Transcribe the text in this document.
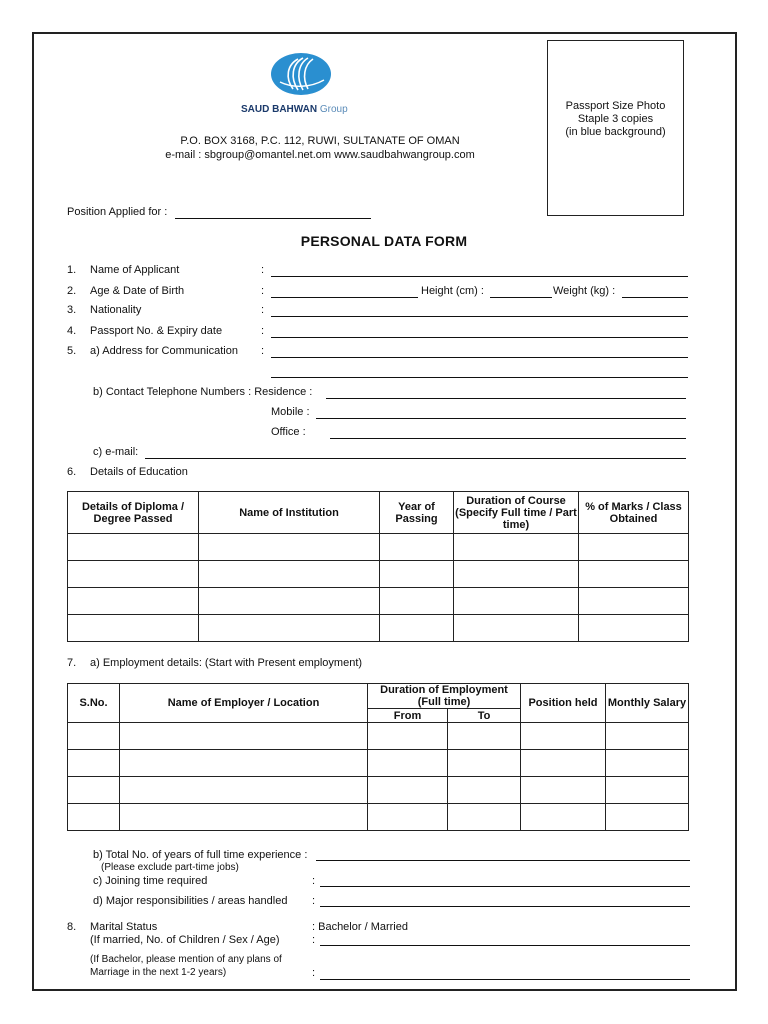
SAUD BAHWAN Group
P.O. BOX 3168, P.C. 112, RUWI, SULTANATE OF OMAN
e-mail : sbgroup@omantel.net.om www.saudbahwangroup.com
Passport Size Photo
Staple 3 copies
(in blue background)
Position Applied for :
PERSONAL DATA FORM
1. Name of Applicant	:
2. Age & Date of Birth	:	Height (cm) :	Weight (kg) :
3. Nationality	:
4. Passport No. & Expiry date	:
5. a) Address for Communication :
b) Contact Telephone Numbers : Residence :
Mobile :
Office :
c) e-mail:
6. Details of Education
Details of Diploma / Degree Passed	Name of Institution	Year of Passing	Duration of Course (Specify Full time / Part time)	% of Marks / Class Obtained

7. a) Employment details: (Start with Present employment)
S.No.	Name of Employer / Location	Duration of Employment (Full time)		Position held	Monthly Salary
		From	To		

b) Total No. of years of full time experience :
(Please exclude part-time jobs)
c) Joining time required	:
d) Major responsibilities / areas handled :
8. Marital Status	: Bachelor / Married
(If married, No. of Children / Sex / Age)	:
(If Bachelor, please mention of any plans of
Marriage in the next 1-2 years)	:
